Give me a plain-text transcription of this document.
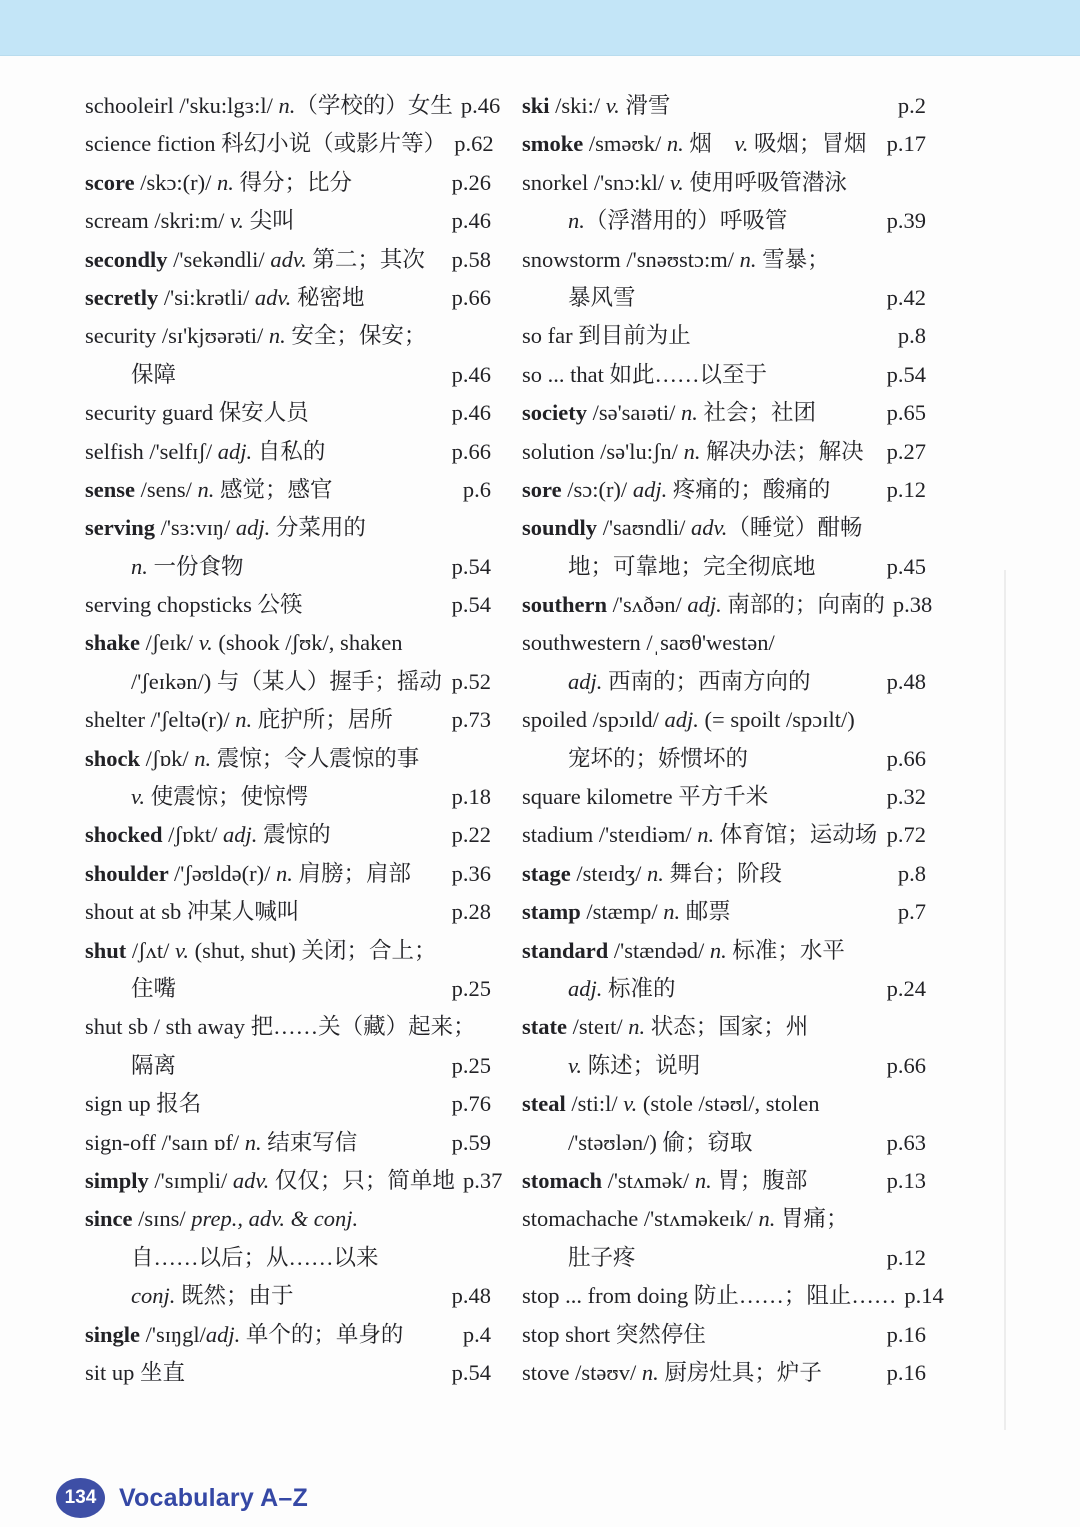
schooleirl /'sku:lgɜ:l/ n.（学校的）女生 p.46
science fiction 科幻小说（或影片等） p.62
score /skɔ:(r)/ n. 得分；比分	p.26
scream /skri:m/ v. 尖叫	p.46
secondly /'sekəndli/ adv. 第二；其次	p.58
secretly /'si:krətli/ adv. 秘密地	p.66
security /sɪ'kjʊərəti/ n. 安全；保安；
保障	p.46
security guard 保安人员	p.46
selfish /'selfɪʃ/ adj. 自私的	p.66
sense /sens/ n. 感觉；感官	p.6
serving /'sɜ:vɪŋ/ adj. 分菜用的
n. 一份食物	p.54
serving chopsticks 公筷	p.54
shake /ʃeɪk/ v. (shook /ʃʊk/, shaken
/'ʃeɪkən/) 与（某人）握手；摇动 p.52
shelter /'ʃeltə(r)/ n. 庇护所；居所	p.73
shock /ʃɒk/ n. 震惊；令人震惊的事
v. 使震惊；使惊愕	p.18
shocked /ʃɒkt/ adj. 震惊的	p.22
shoulder /'ʃəʊldə(r)/ n. 肩膀；肩部	p.36
shout at sb 冲某人喊叫	p.28
shut /ʃʌt/ v. (shut, shut) 关闭；合上；
住嘴	p.25
shut sb / sth away 把……关（藏）起来；
隔离	p.25
sign up 报名	p.76
sign-off /'saɪn ɒf/ n. 结束写信	p.59
simply /'sɪmpli/ adv. 仅仅；只；简单地 p.37
since /sɪns/ prep., adv. & conj.
自……以后；从……以来
conj. 既然；由于	p.48
single /'sɪŋgl/adj. 单个的；单身的	p.4
sit up 坐直	p.54
ski /ski:/ v. 滑雪	p.2
smoke /sməʊk/ n. 烟　v. 吸烟；冒烟 p.17
snorkel /'snɔ:kl/ v. 使用呼吸管潜泳
n.（浮潜用的）呼吸管	p.39
snowstorm /'snəʊstɔ:m/ n. 雪暴；
暴风雪	p.42
so far 到目前为止	p.8
so ... that 如此……以至于	p.54
society /sə'saɪəti/ n. 社会；社团	p.65
solution /sə'lu:ʃn/ n. 解决办法；解决	p.27
sore /sɔ:(r)/ adj. 疼痛的；酸痛的	p.12
soundly /'saʊndli/ adv.（睡觉）酣畅
地；可靠地；完全彻底地	p.45
southern /'sʌðən/ adj. 南部的；向南的 p.38
southwestern /ˌsaʊθ'westən/
adj. 西南的；西南方向的	p.48
spoiled /spɔɪld/ adj. (= spoilt /spɔɪlt/)
宠坏的；娇惯坏的	p.66
square kilometre 平方千米	p.32
stadium /'steɪdiəm/ n. 体育馆；运动场 p.72
stage /steɪdʒ/ n. 舞台；阶段	p.8
stamp /stæmp/ n. 邮票	p.7
standard /'stændəd/ n. 标准；水平
adj. 标准的	p.24
state /steɪt/ n. 状态；国家；州
v. 陈述；说明	p.66
steal /sti:l/ v. (stole /stəʊl/, stolen
/'stəʊlən/) 偷；窃取	p.63
stomach /'stʌmək/ n. 胃；腹部	p.13
stomachache /'stʌməkeɪk/ n. 胃痛；
肚子疼	p.12
stop ... from doing 防止……；阻止…… p.14
stop short 突然停住	p.16
stove /stəʊv/ n. 厨房灶具；炉子	p.16
134 Vocabulary A–Z
